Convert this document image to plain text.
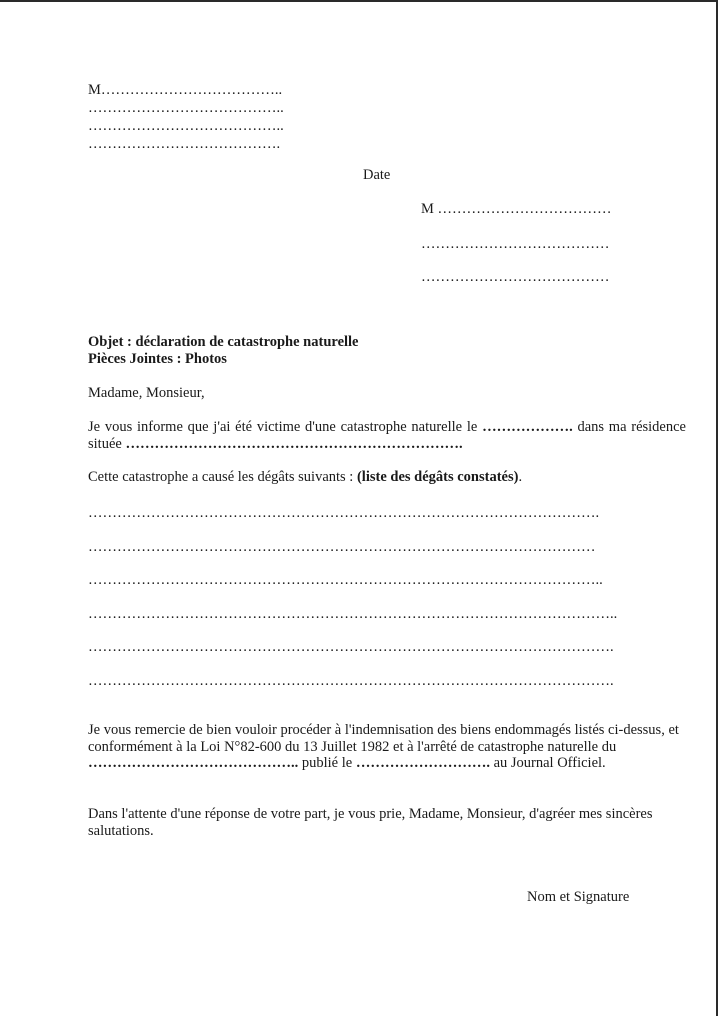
M………………………………..
…………………………………..
…………………………………..
………………………………….
Date
M ………………………………
…………………………………
…………………………………
Objet : déclaration de catastrophe naturelle
Pièces Jointes : Photos
Madame, Monsieur,
Je vous informe que j'ai été victime d'une catastrophe naturelle le ………………. dans ma résidence située …………………………………………………………….
Cette catastrophe a causé les dégâts suivants : (liste des dégâts constatés).
…………………………………………………………………………………………….
……………………………………………………………………………………………
……………………………………………………………………………………………..
………………………………………………………………………………………………..
……………………………………………………………………………………………….
……………………………………………………………………………………………….
Je vous remercie de bien vouloir procéder à l'indemnisation des biens endommagés listés ci-dessus, et conformément à la Loi N°82-600 du 13 Juillet 1982 et à l'arrêté de catastrophe naturelle du …………………………………….. publié le ………………………. au Journal Officiel.
Dans l'attente d'une réponse de votre part, je vous prie, Madame, Monsieur, d'agréer mes sincères salutations.
Nom et Signature
